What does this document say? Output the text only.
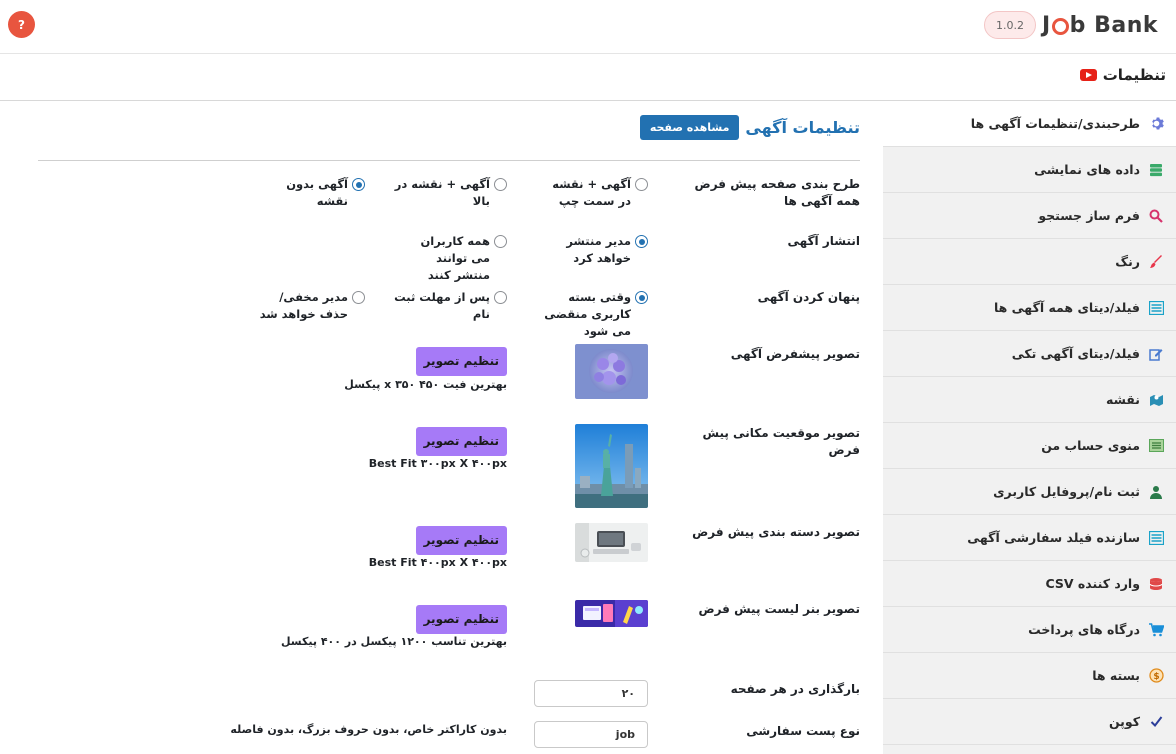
?	1.0.2 J b Bank
تنظیمات
طرحبندی/تنظیمات آگهی ها
داده های نمایشی
فرم ساز جستجو
رنگ
فیلد/دیتای همه آگهی ها
فیلد/دیتای آگهی تکی
نقشه
منوی حساب من
ثبت نام/پروفایل کاربری
سازنده فیلد سفارشی آگهی
وارد کننده CSV
درگاه های پرداخت
$
بسته ها
کوپن
تنظیمات آگهی
مشاهده صفحه
طرح بندی صفحه پیش فرض همه آگهی ها
آگهی + نقشه در سمت چپ
آگهی + نقشه در بالا
آگهی بدون نقشه
انتشار آگهی
مدیر منتشر خواهد کرد
همه کاربران می توانند منتشر کنند
پنهان کردن آگهی
وقتی بسته کاربری منقضی می شود
پس از مهلت ثبت نام
مدیر مخفی/حذف خواهد شد
تصویر پیشفرض آگهی
تنظیم تصویر
بهترین فیت ۴۵۰ x ۳۵۰ پیکسل
تصویر موقعیت مکانی پیش فرض
تنظیم تصویر
Best Fit ۳۰۰px X ۴۰۰px
تصویر دسته بندی پیش فرض
تنظیم تصویر
Best Fit ۴۰۰px X ۴۰۰px
تصویر بنر لیست پیش فرض
تنظیم تصویر
بهترین تناسب ۱۲۰۰ پیکسل در ۴۰۰ پیکسل
بارگذاری در هر صفحه
۲۰
نوع پست سفارشی
job
بدون کاراکتر خاص، بدون حروف بزرگ، بدون فاصله
